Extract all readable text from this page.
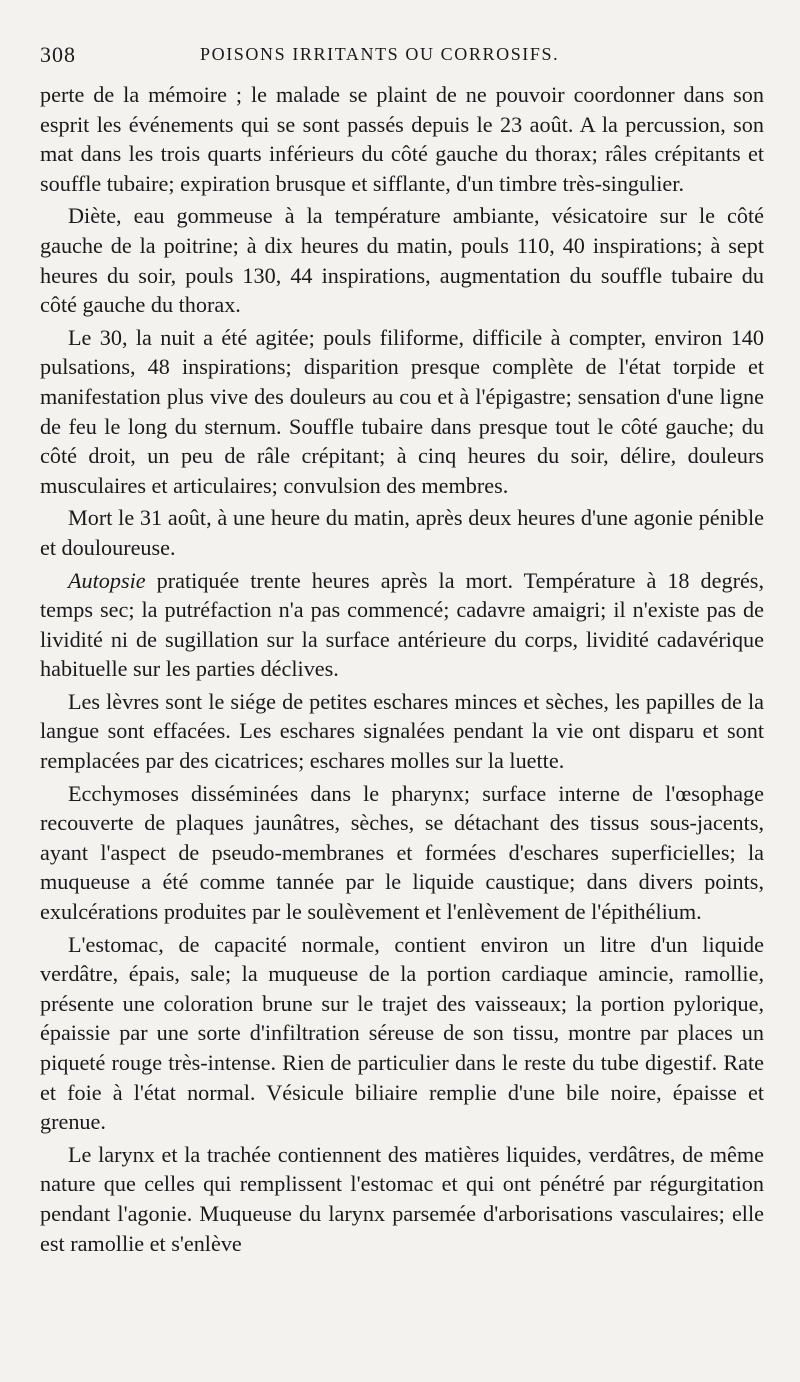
308	POISONS IRRITANTS OU CORROSIFS.

perte de la mémoire ; le malade se plaint de ne pouvoir coordonner dans son esprit les événements qui se sont passés depuis le 23 août. A la percussion, son mat dans les trois quarts inférieurs du côté gauche du thorax; râles crépitants et souffle tubaire; expiration brusque et sifflante, d'un timbre très-singulier.

Diète, eau gommeuse à la température ambiante, vésicatoire sur le côté gauche de la poitrine; à dix heures du matin, pouls 110, 40 inspirations; à sept heures du soir, pouls 130, 44 inspirations, augmentation du souffle tubaire du côté gauche du thorax.

Le 30, la nuit a été agitée; pouls filiforme, difficile à compter, environ 140 pulsations, 48 inspirations; disparition presque complète de l'état torpide et manifestation plus vive des douleurs au cou et à l'épigastre; sensation d'une ligne de feu le long du sternum. Souffle tubaire dans presque tout le côté gauche; du côté droit, un peu de râle crépitant; à cinq heures du soir, délire, douleurs musculaires et articulaires; convulsion des membres.

Mort le 31 août, à une heure du matin, après deux heures d'une agonie pénible et douloureuse.

Autopsie pratiquée trente heures après la mort. Température à 18 degrés, temps sec; la putréfaction n'a pas commencé; cadavre amaigri; il n'existe pas de lividité ni de sugillation sur la surface antérieure du corps, lividité cadavérique habituelle sur les parties déclives.

Les lèvres sont le siége de petites eschares minces et sèches, les papilles de la langue sont effacées. Les eschares signalées pendant la vie ont disparu et sont remplacées par des cicatrices; eschares molles sur la luette.

Ecchymoses disséminées dans le pharynx; surface interne de l'œsophage recouverte de plaques jaunâtres, sèches, se détachant des tissus sous-jacents, ayant l'aspect de pseudo-membranes et formées d'eschares superficielles; la muqueuse a été comme tannée par le liquide caustique; dans divers points, exulcérations produites par le soulèvement et l'enlèvement de l'épithélium.

L'estomac, de capacité normale, contient environ un litre d'un liquide verdâtre, épais, sale; la muqueuse de la portion cardiaque amincie, ramollie, présente une coloration brune sur le trajet des vaisseaux; la portion pylorique, épaissie par une sorte d'infiltration séreuse de son tissu, montre par places un piqueté rouge très-intense. Rien de particulier dans le reste du tube digestif. Rate et foie à l'état normal. Vésicule biliaire remplie d'une bile noire, épaisse et grenue.

Le larynx et la trachée contiennent des matières liquides, verdâtres, de même nature que celles qui remplissent l'estomac et qui ont pénétré par régurgitation pendant l'agonie. Muqueuse du larynx parsemée d'arborisations vasculaires; elle est ramollie et s'enlève
